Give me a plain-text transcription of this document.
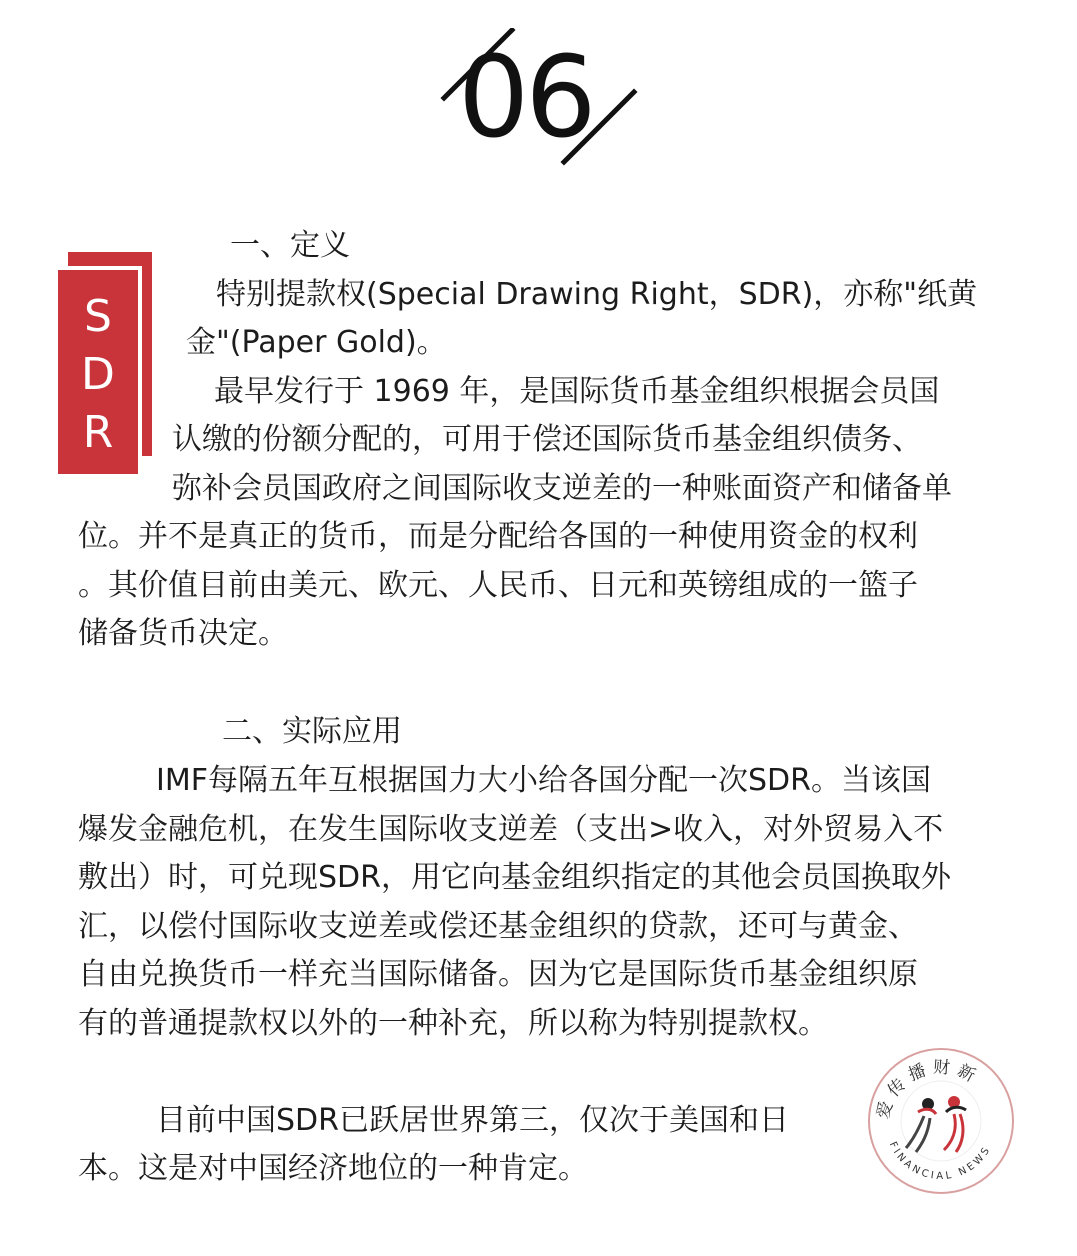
06
S
D
R
一、定义
特别提款权(Special Drawing Right，SDR)，亦称"纸黄
金"(Paper Gold)。
最早发行于 1969 年，是国际货币基金组织根据会员国
认缴的份额分配的，可用于偿还国际货币基金组织债务、
弥补会员国政府之间国际收支逆差的一种账面资产和储备单
位。并不是真正的货币，而是分配给各国的一种使用资金的权利
。其价值目前由美元、欧元、人民币、日元和英镑组成的一篮子
储备货币决定。
二、实际应用
IMF每隔五年互根据国力大小给各国分配一次SDR。当该国
爆发金融危机，在发生国际收支逆差（支出>收入，对外贸易入不
敷出）时，可兑现SDR，用它向基金组织指定的其他会员国换取外
汇，以偿付国际收支逆差或偿还基金组织的贷款，还可与黄金、
自由兑换货币一样充当国际储备。因为它是国际货币基金组织原
有的普通提款权以外的一种补充，所以称为特别提款权。
目前中国SDR已跃居世界第三，仅次于美国和日
本。这是对中国经济地位的一种肯定。
爱传播财新
FINANCIAL NEWS
